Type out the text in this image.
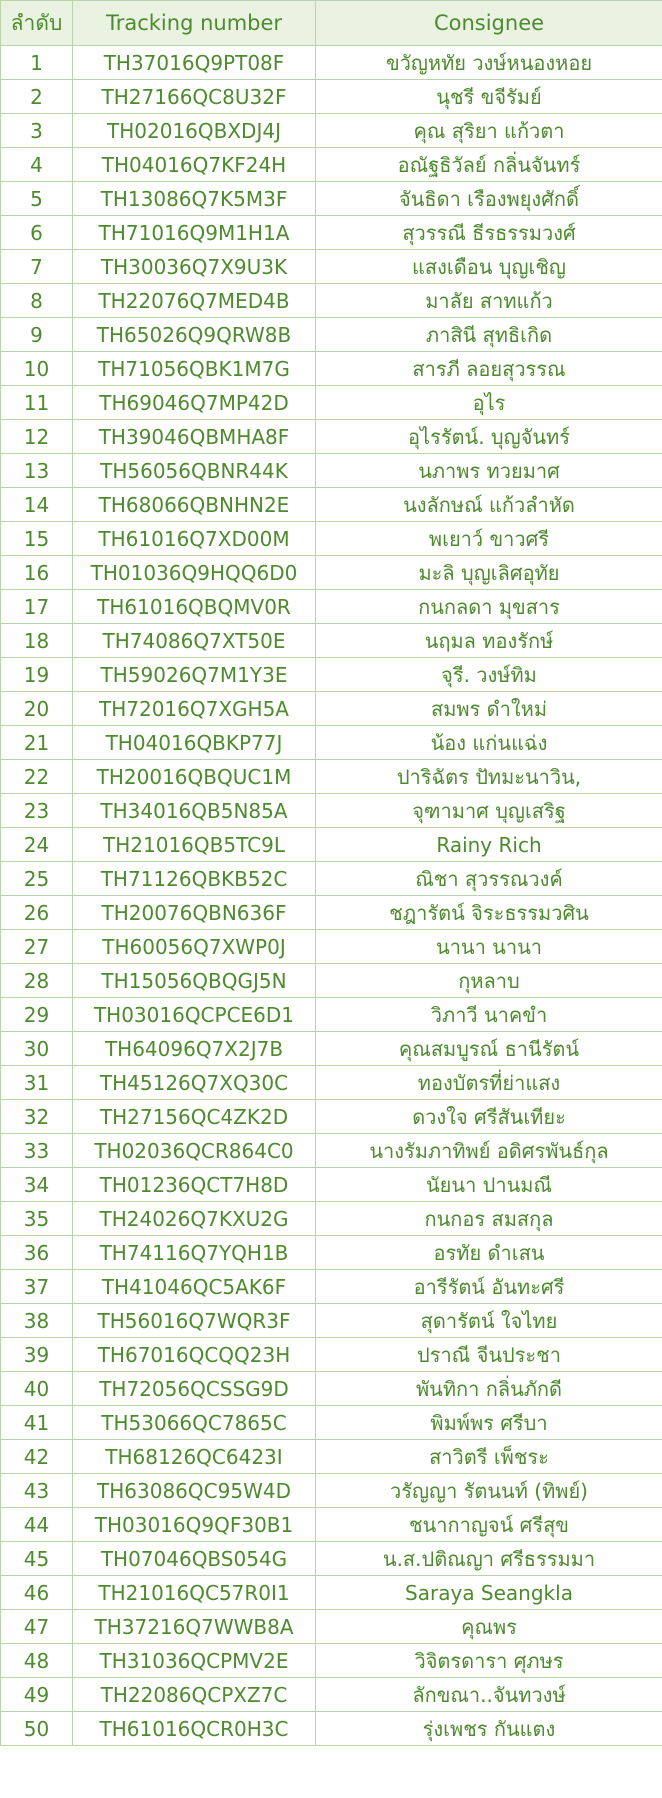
ลำดับ	Tracking number	Consignee
1	TH37016Q9PT08F	ขวัญหทัย วงษ์หนองหอย
2	TH27166QC8U32F	นุชรี ขจีรัมย์
3	TH02016QBXDJ4J	คุณ สุริยา แก้วตา
4	TH04016Q7KF24H	อณัฐธิวัลย์ กลิ่นจันทร์
5	TH13086Q7K5M3F	จันธิดา เรืองพยุงศักดิ์
6	TH71016Q9M1H1A	สุวรรณี ธีรธรรมวงศ์
7	TH30036Q7X9U3K	แสงเดือน บุญเชิญ
8	TH22076Q7MED4B	มาลัย สาทแก้ว
9	TH65026Q9QRW8B	ภาสินี สุทธิเกิด
10	TH71056QBK1M7G	สารภี ลอยสุวรรณ
11	TH69046Q7MP42D	อุไร
12	TH39046QBMHA8F	อุไรรัตน์. บุญจันทร์
13	TH56056QBNR44K	นภาพร ทวยมาศ
14	TH68066QBNHN2E	นงลักษณ์ แก้วลำหัด
15	TH61016Q7XD00M	พเยาว์ ขาวศรี
16	TH01036Q9HQQ6D0	มะลิ บุญเลิศอุทัย
17	TH61016QBQMV0R	กนกลดา มุขสาร
18	TH74086Q7XT50E	นฤมล ทองรักษ์
19	TH59026Q7M1Y3E	จุรี. วงษ์ทิม
20	TH72016Q7XGH5A	สมพร ดำใหม่
21	TH04016QBKP77J	น้อง แก่นแฉ่ง
22	TH20016QBQUC1M	ปาริฉัตร ปัทมะนาวิน,
23	TH34016QB5N85A	จุฑามาศ บุญเสริฐ
24	TH21016QB5TC9L	Rainy Rich
25	TH71126QBKB52C	ณิชา สุวรรณวงค์
26	TH20076QBN636F	ชฎารัตน์ จิระธรรมวศิน
27	TH60056Q7XWP0J	นานา นานา
28	TH15056QBQGJ5N	กุหลาบ
29	TH03016QCPCE6D1	วิภาวี นาคขำ
30	TH64096Q7X2J7B	คุณสมบูรณ์ ธานีรัตน์
31	TH45126Q7XQ30C	ทองบัตรที่ย่าแสง
32	TH27156QC4ZK2D	ดวงใจ ศรีสันเทียะ
33	TH02036QCR864C0	นางรัมภาทิพย์ อดิศรพันธ์กุล
34	TH01236QCT7H8D	นัยนา ปานมณี
35	TH24026Q7KXU2G	กนกอร สมสกุล
36	TH74116Q7YQH1B	อรทัย ดำเสน
37	TH41046QC5AK6F	อารีรัตน์ อันทะศรี
38	TH56016Q7WQR3F	สุดารัตน์ ใจไทย
39	TH67016QCQQ23H	ปราณี จีนประชา
40	TH72056QCSSG9D	พันทิกา กลิ่นภักดี
41	TH53066QC7865C	พิมพ์พร ศรีบา
42	TH68126QC6423I	สาวิตรี เพ็ชระ
43	TH63086QC95W4D	วรัญญา รัตนนท์ (ทิพย์)
44	TH03016Q9QF30B1	ชนากาญจน์ ศรีสุข
45	TH07046QBS054G	น.ส.ปติณญา ศรีธรรมมา
46	TH21016QC57R0I1	Saraya Seangkla
47	TH37216Q7WWB8A	คุณพร
48	TH31036QCPMV2E	วิจิตรดารา ศุภษร
49	TH22086QCPXZ7C	ลักขณา..จันทวงษ์
50	TH61016QCR0H3C	รุ่งเพชร กันแตง
